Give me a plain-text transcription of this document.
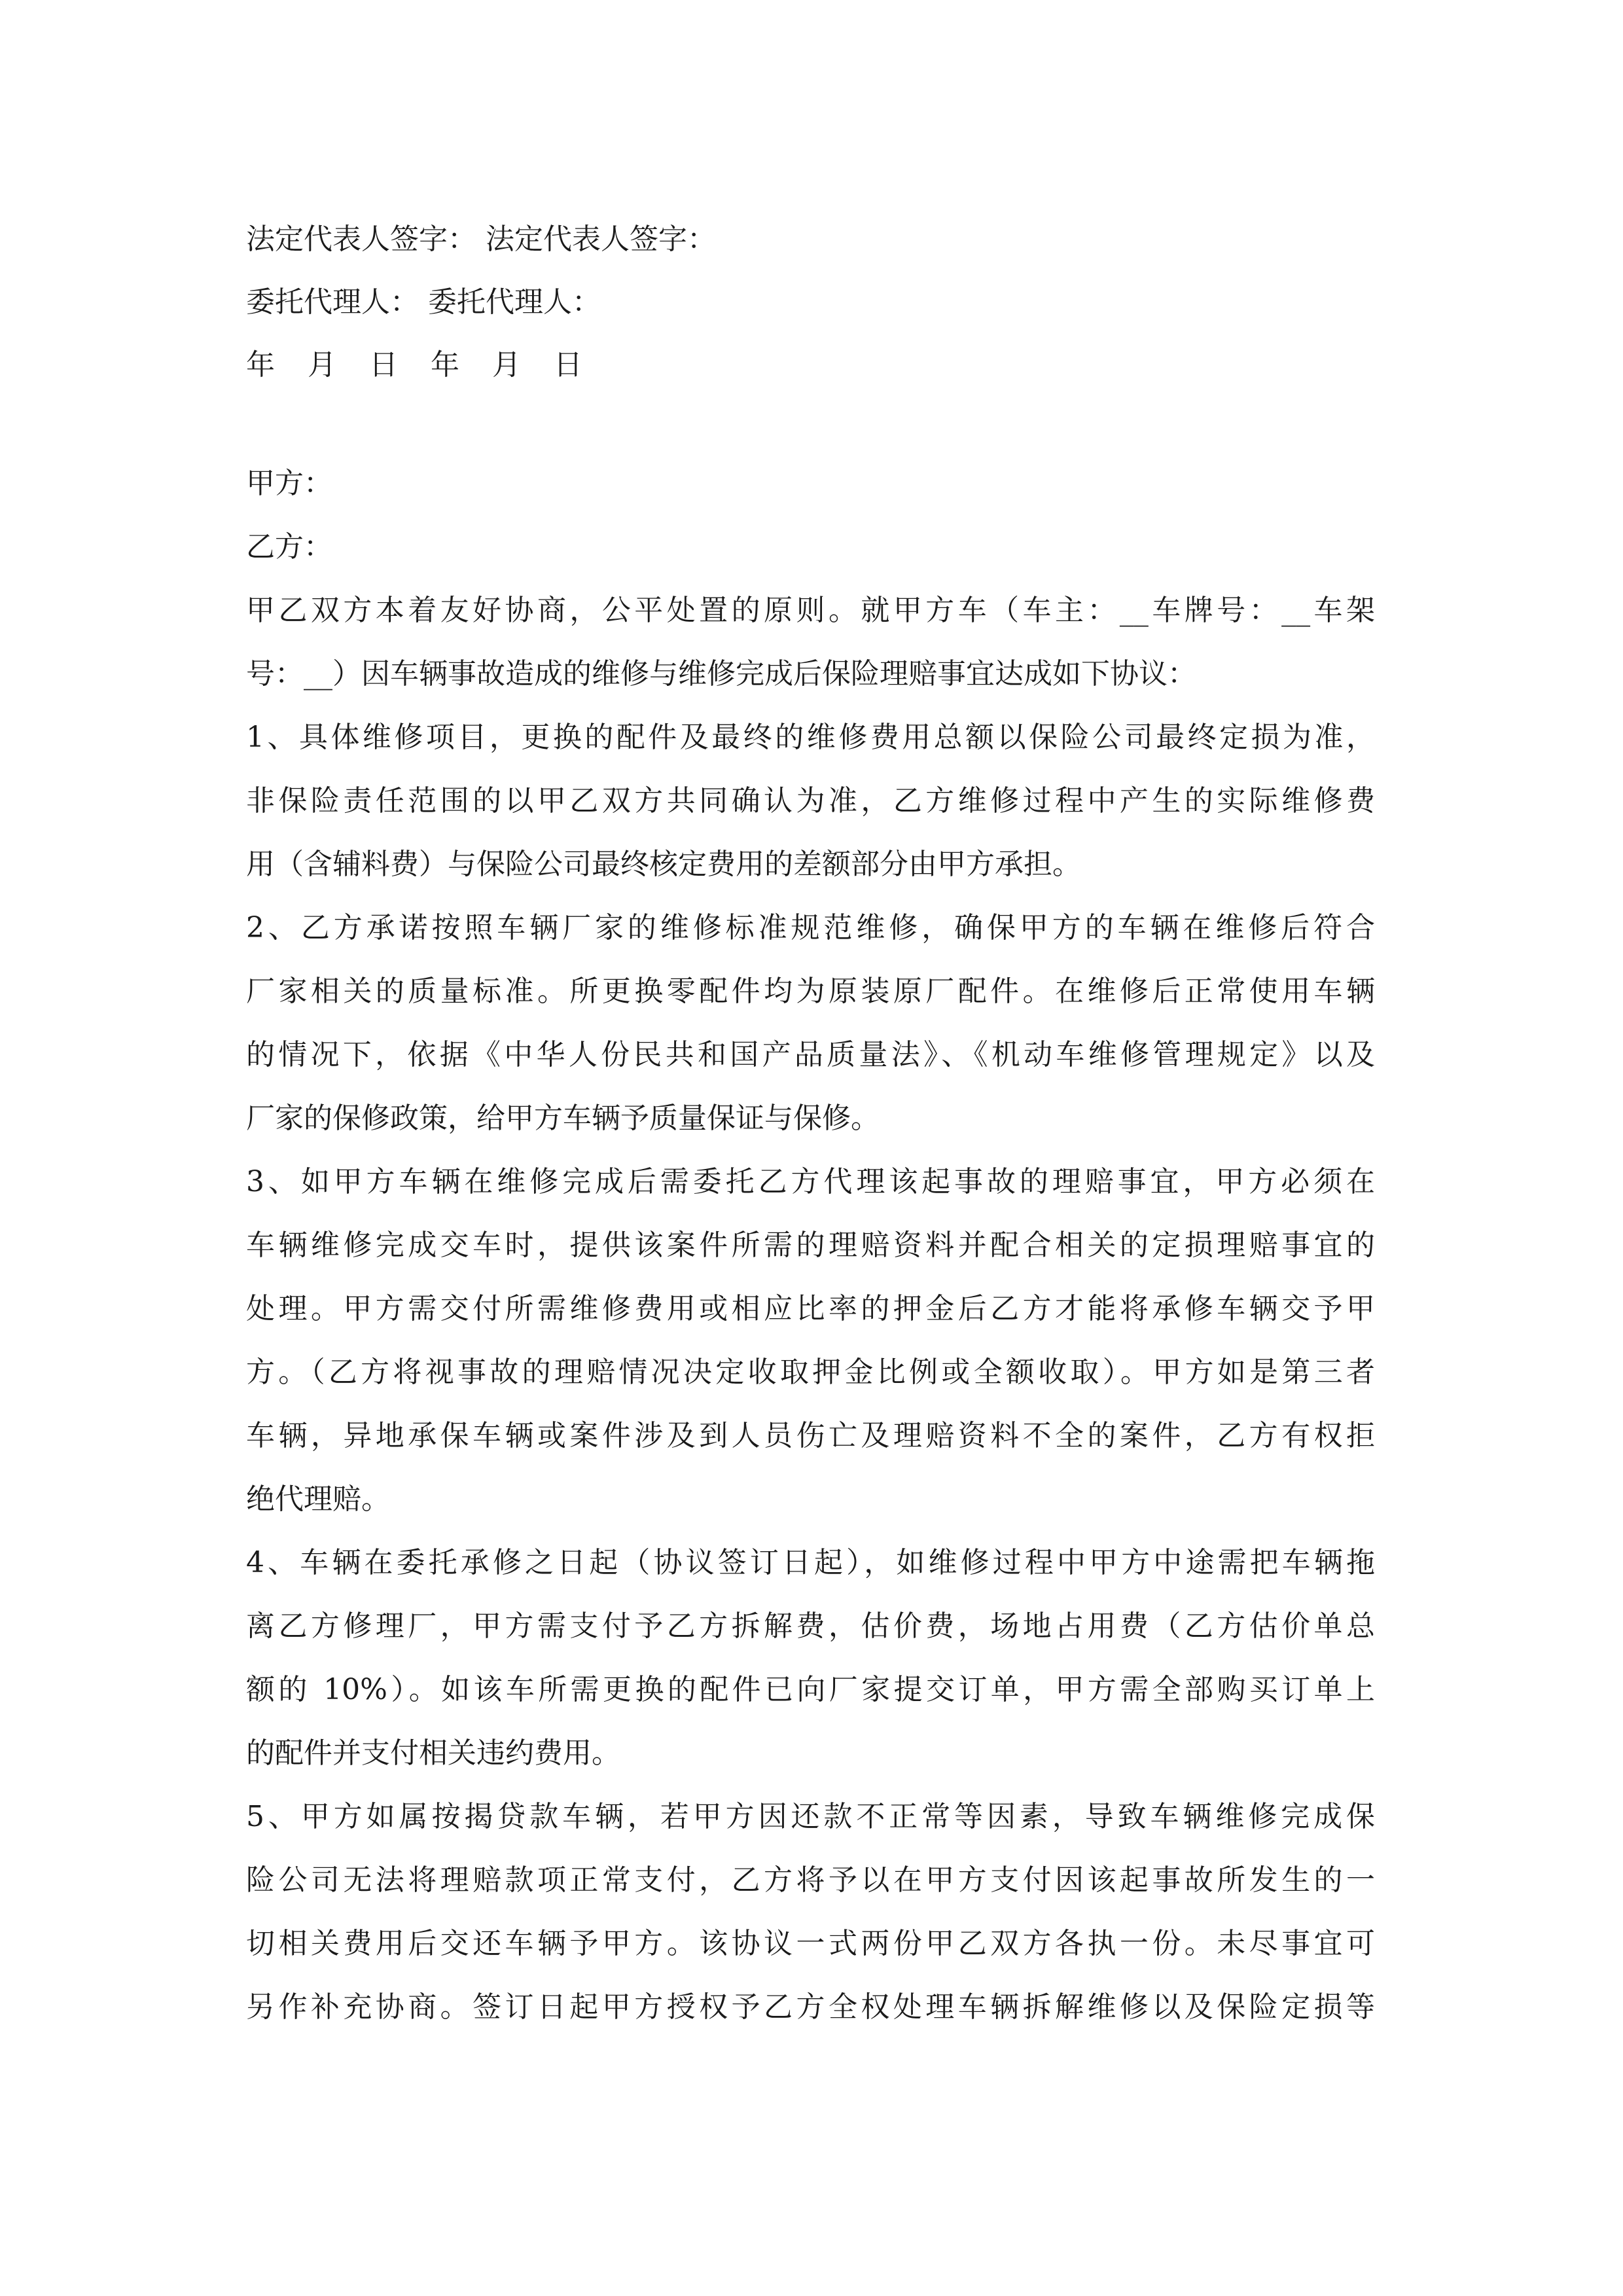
法定代表人签字： 法定代表人签字：
委托代理人： 委托代理人：
年 月 日 年 月 日

甲方：

乙方：

甲乙双方本着友好协商，公平处置的原则。就甲方车（车主：__车牌号：__车架
号：__）因车辆事故造成的维修与维修完成后保险理赔事宜达成如下协议：

1、具体维修项目，更换的配件及最终的维修费用总额以保险公司最终定损为准，
非保险责任范围的以甲乙双方共同确认为准，乙方维修过程中产生的实际维修费
用（含辅料费）与保险公司最终核定费用的差额部分由甲方承担。

2、乙方承诺按照车辆厂家的维修标准规范维修，确保甲方的车辆在维修后符合
厂家相关的质量标准。所更换零配件均为原装原厂配件。在维修后正常使用车辆
的情况下，依据《中华人份民共和国产品质量法》、《机动车维修管理规定》以及
厂家的保修政策，给甲方车辆予质量保证与保修。

3、如甲方车辆在维修完成后需委托乙方代理该起事故的理赔事宜，甲方必须在
车辆维修完成交车时，提供该案件所需的理赔资料并配合相关的定损理赔事宜的
处理。甲方需交付所需维修费用或相应比率的押金后乙方才能将承修车辆交予甲
方。（乙方将视事故的理赔情况决定收取押金比例或全额收取）。甲方如是第三者
车辆，异地承保车辆或案件涉及到人员伤亡及理赔资料不全的案件，乙方有权拒
绝代理赔。

4、车辆在委托承修之日起（协议签订日起），如维修过程中甲方中途需把车辆拖
离乙方修理厂，甲方需支付予乙方拆解费，估价费，场地占用费（乙方估价单总
额的 10%）。如该车所需更换的配件已向厂家提交订单，甲方需全部购买订单上
的配件并支付相关违约费用。

5、甲方如属按揭贷款车辆，若甲方因还款不正常等因素，导致车辆维修完成保
险公司无法将理赔款项正常支付，乙方将予以在甲方支付因该起事故所发生的一
切相关费用后交还车辆予甲方。该协议一式两份甲乙双方各执一份。未尽事宜可
另作补充协商。签订日起甲方授权予乙方全权处理车辆拆解维修以及保险定损等
